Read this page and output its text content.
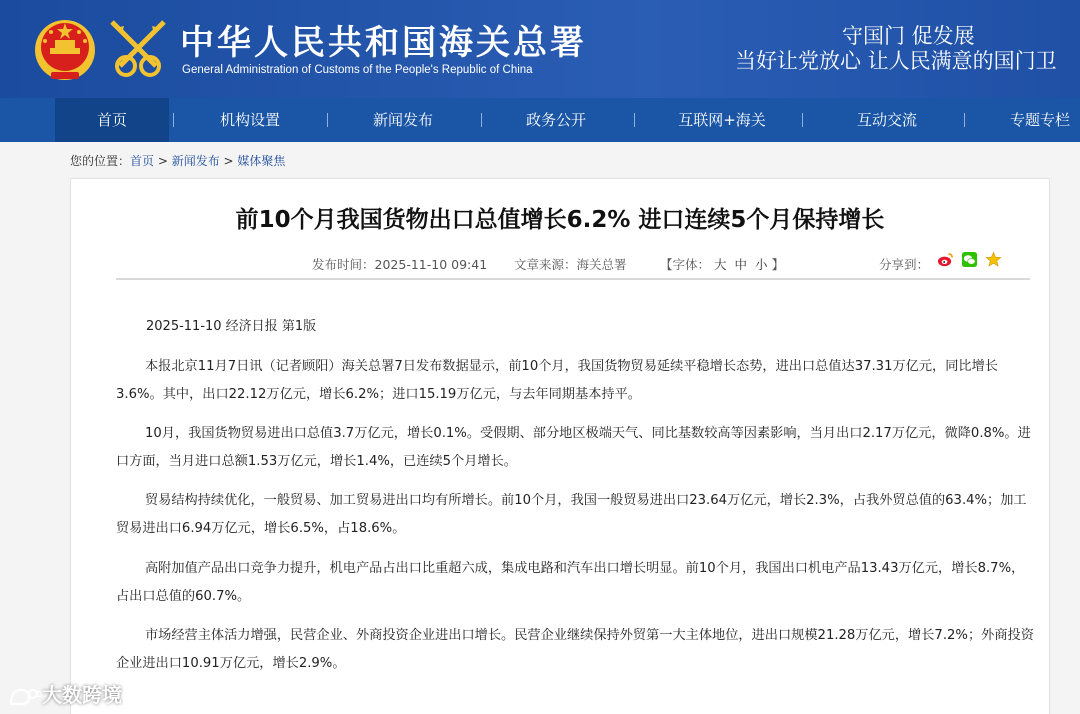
中华人民共和国海关总署
General Administration of Customs of the People's Republic of China
守国门 促发展
当好让党放心 让人民满意的国门卫
首页	机构设置	新闻发布	政务公开	互联网+海关	互动交流	专题专栏
您的位置：首页 > 新闻发布 > 媒体聚焦
前10个月我国货物出口总值增长6.2% 进口连续5个月保持增长
发布时间：2025-11-10 09:41 文章来源：海关总署	【字体： 大 中 小 】	分享到：
2025-11-10 经济日报 第1版
本报北京11月7日讯（记者顾阳）海关总署7日发布数据显示，前10个月，我国货物贸易延续平稳增长态势，进出口总值达37.31万亿元，同比增长3.6%。其中，出口22.12万亿元，增长6.2%；进口15.19万亿元，与去年同期基本持平。
10月，我国货物贸易进出口总值3.7万亿元，增长0.1%。受假期、部分地区极端天气、同比基数较高等因素影响，当月出口2.17万亿元，微降0.8%。进口方面，当月进口总额1.53万亿元，增长1.4%，已连续5个月增长。
贸易结构持续优化，一般贸易、加工贸易进出口均有所增长。前10个月，我国一般贸易进出口23.64万亿元，增长2.3%，占我外贸总值的63.4%；加工贸易进出口6.94万亿元，增长6.5%，占18.6%。
高附加值产品出口竞争力提升，机电产品占出口比重超六成，集成电路和汽车出口增长明显。前10个月，我国出口机电产品13.43万亿元，增长8.7%，占出口总值的60.7%。
市场经营主体活力增强，民营企业、外商投资企业进出口增长。民营企业继续保持外贸第一大主体地位，进出口规模21.28万亿元，增长7.2%；外商投资企业进出口10.91万亿元，增长2.9%。
大数跨境
